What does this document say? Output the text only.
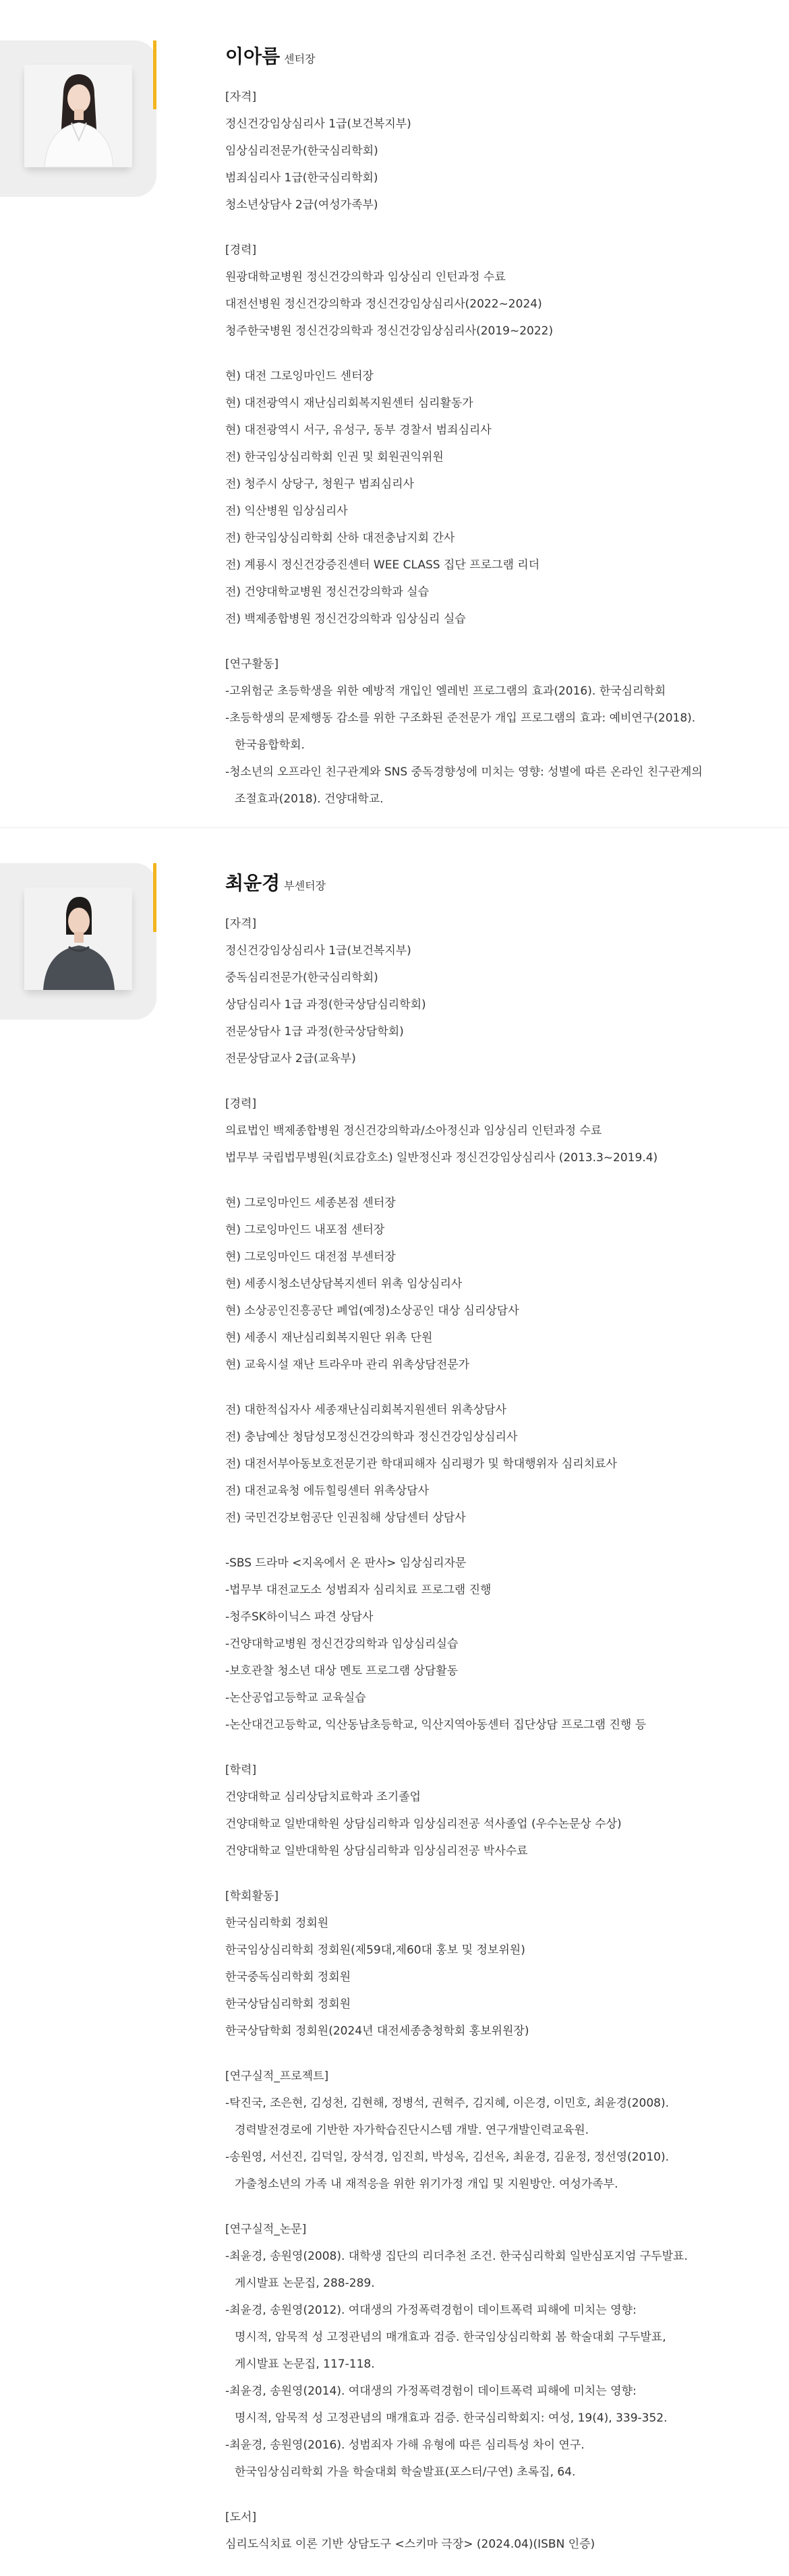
이아름 센터장
[자격]
정신건강임상심리사 1급(보건복지부)
임상심리전문가(한국심리학회)
범죄심리사 1급(한국심리학회)
청소년상담사 2급(여성가족부)
[경력]
원광대학교병원 정신건강의학과 임상심리 인턴과정 수료
대전선병원 정신건강의학과 정신건강임상심리사(2022~2024)
청주한국병원 정신건강의학과 정신건강임상심리사(2019~2022)
현) 대전 그로잉마인드 센터장
현) 대전광역시 재난심리회복지원센터 심리활동가
현) 대전광역시 서구, 유성구, 동부 경찰서 범죄심리사
전) 한국임상심리학회 인권 및 회원권익위원
전) 청주시 상당구, 청원구 범죄심리사
전) 익산병원 임상심리사
전) 한국임상심리학회 산하 대전충남지회 간사
전) 계룡시 정신건강증진센터 WEE CLASS 집단 프로그램 리더
전) 건양대학교병원 정신건강의학과 실습
전) 백제종합병원 정신건강의학과 임상심리 실습
[연구활동]
-고위험군 초등학생을 위한 예방적 개입인 엘레빈 프로그램의 효과(2016). 한국심리학회
-초등학생의 문제행동 감소를 위한 구조화된 준전문가 개입 프로그램의 효과: 예비연구(2018).
한국융합학회.
-청소년의 오프라인 친구관계와 SNS 중독경향성에 미치는 영향: 성별에 따른 온라인 친구관계의
조절효과(2018). 건양대학교.
최윤경 부센터장
[자격]
정신건강임상심리사 1급(보건복지부)
중독심리전문가(한국심리학회)
상담심리사 1급 과정(한국상담심리학회)
전문상담사 1급 과정(한국상담학회)
전문상담교사 2급(교육부)
[경력]
의료법인 백제종합병원 정신건강의학과/소아정신과 임상심리 인턴과정 수료
법무부 국립법무병원(치료감호소) 일반정신과 정신건강임상심리사 (2013.3~2019.4)
현) 그로잉마인드 세종본점 센터장
현) 그로잉마인드 내포점 센터장
현) 그로잉마인드 대전점 부센터장
현) 세종시청소년상담복지센터 위촉 임상심리사
현) 소상공인진흥공단 폐업(예정)소상공인 대상 심리상담사
현) 세종시 재난심리회복지원단 위촉 단원
현) 교육시설 재난 트라우마 관리 위촉상담전문가
전) 대한적십자사 세종재난심리회복지원센터 위촉상담사
전) 충남예산 청담성모정신건강의학과 정신건강임상심리사
전) 대전서부아동보호전문기관 학대피해자 심리평가 및 학대행위자 심리치료사
전) 대전교육청 에듀힐링센터 위촉상담사
전) 국민건강보험공단 인권침해 상담센터 상담사
-SBS 드라마 <지옥에서 온 판사> 임상심리자문
-법무부 대전교도소 성범죄자 심리치료 프로그램 진행
-청주SK하이닉스 파견 상담사
-건양대학교병원 정신건강의학과 임상심리실습
-보호관찰 청소년 대상 멘토 프로그램 상담활동
-논산공업고등학교 교육실습
-논산대건고등학교, 익산동남초등학교, 익산지역아동센터 집단상담 프로그램 진행 등
[학력]
건양대학교 심리상담치료학과 조기졸업
건양대학교 일반대학원 상담심리학과 임상심리전공 석사졸업 (우수논문상 수상)
건양대학교 일반대학원 상담심리학과 임상심리전공 박사수료
[학회활동]
한국심리학회 정회원
한국임상심리학회 정회원(제59대,제60대 홍보 및 정보위원)
한국중독심리학회 정회원
한국상담심리학회 정회원
한국상담학회 정회원(2024년 대전세종충청학회 홍보위원장)
[연구실적_프로젝트]
-탁진국, 조은현, 김성천, 김현해, 정병석, 권혁주, 김지혜, 이은경, 이민호, 최윤경(2008).
경력발전경로에 기반한 자가학습진단시스템 개발. 연구개발인력교육원.
-송원영, 서선진, 김덕일, 장석경, 임진희, 박성옥, 김선옥, 최윤경, 김윤정, 정선영(2010).
가출청소년의 가족 내 재적응을 위한 위기가정 개입 및 지원방안. 여성가족부.
[연구실적_논문]
-최윤경, 송원영(2008). 대학생 집단의 리더추천 조건. 한국심리학회 일반심포지엄 구두발표.
게시발표 논문집, 288-289.
-최윤경, 송원영(2012). 여대생의 가정폭력경험이 데이트폭력 피해에 미치는 영향:
명시적, 암묵적 성 고정관념의 매개효과 검증. 한국임상심리학회 봄 학술대회 구두발표,
게시발표 논문집, 117-118.
-최윤경, 송원영(2014). 여대생의 가정폭력경험이 데이트폭력 피해에 미치는 영향:
명시적, 암묵적 성 고정관념의 매개효과 검증. 한국심리학회지: 여성, 19(4), 339-352.
-최윤경, 송원영(2016). 성범죄자 가해 유형에 따른 심리특성 차이 연구.
한국임상심리학회 가을 학술대회 학술발표(포스터/구연) 초록집, 64.
[도서]
심리도식치료 이론 기반 상담도구 <스키마 극장> (2024.04)(ISBN 인증)
